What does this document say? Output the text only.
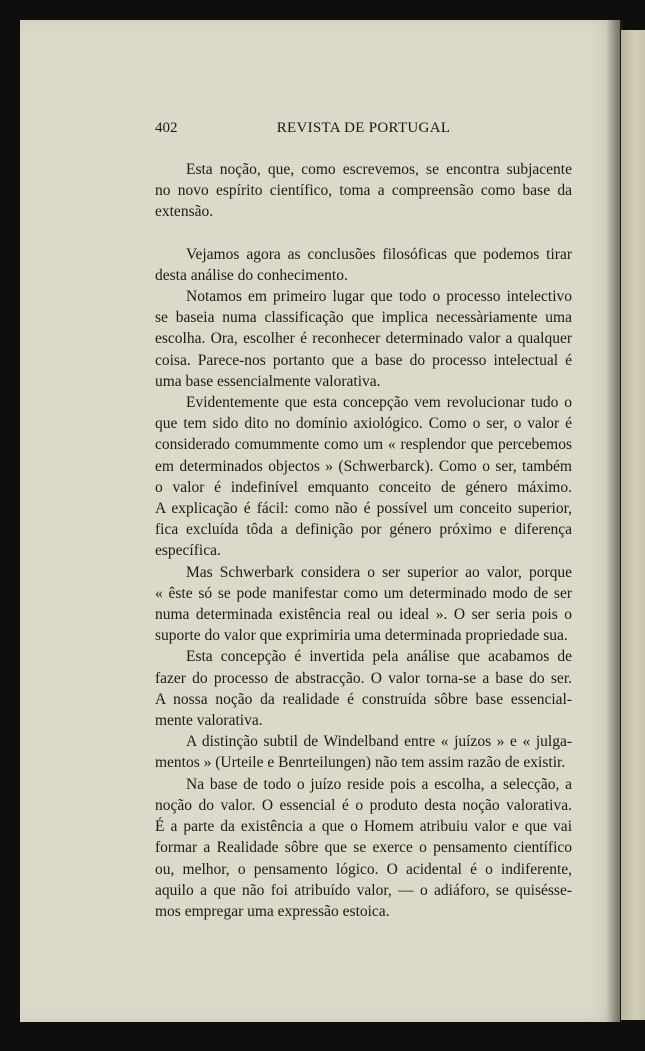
402	REVISTA DE PORTUGAL
Esta noção, que, como escrevemos, se encontra subjacente
no novo espírito científico, toma a compreensão como base da
extensão.
Vejamos agora as conclusões filosóficas que podemos tirar
desta análise do conhecimento.
Notamos em primeiro lugar que todo o processo intelectivo
se baseia numa classificação que implica necessàriamente uma
escolha. Ora, escolher é reconhecer determinado valor a qualquer
coisa. Parece-nos portanto que a base do processo intelectual é
uma base essencialmente valorativa.
Evidentemente que esta concepção vem revolucionar tudo o
que tem sido dito no domínio axiológico. Como o ser, o valor é
considerado comummente como um « resplendor que percebemos
em determinados objectos » (Schwerbarck). Como o ser, também
o valor é indefinível emquanto conceito de género máximo.
A explicação é fácil: como não é possível um conceito superior,
fica excluída tôda a definição por género próximo e diferença
específica.
Mas Schwerbark considera o ser superior ao valor, porque
« êste só se pode manifestar como um determinado modo de ser
numa determinada existência real ou ideal ». O ser seria pois o
suporte do valor que exprimiria uma determinada propriedade sua.
Esta concepção é invertida pela análise que acabamos de
fazer do processo de abstracção. O valor torna-se a base do ser.
A nossa noção da realidade é construída sôbre base essencial-
mente valorativa.
A distinção subtil de Windelband entre « juízos » e « julga-
mentos » (Urteile e Benrteilungen) não tem assim razão de existir.
Na base de todo o juízo reside pois a escolha, a selecção, a
noção do valor. O essencial é o produto desta noção valorativa.
É a parte da existência a que o Homem atribuiu valor e que vai
formar a Realidade sôbre que se exerce o pensamento científico
ou, melhor, o pensamento lógico. O acidental é o indiferente,
aquilo a que não foi atribuído valor, — o adiáforo, se quisésse-
mos empregar uma expressão estoica.
